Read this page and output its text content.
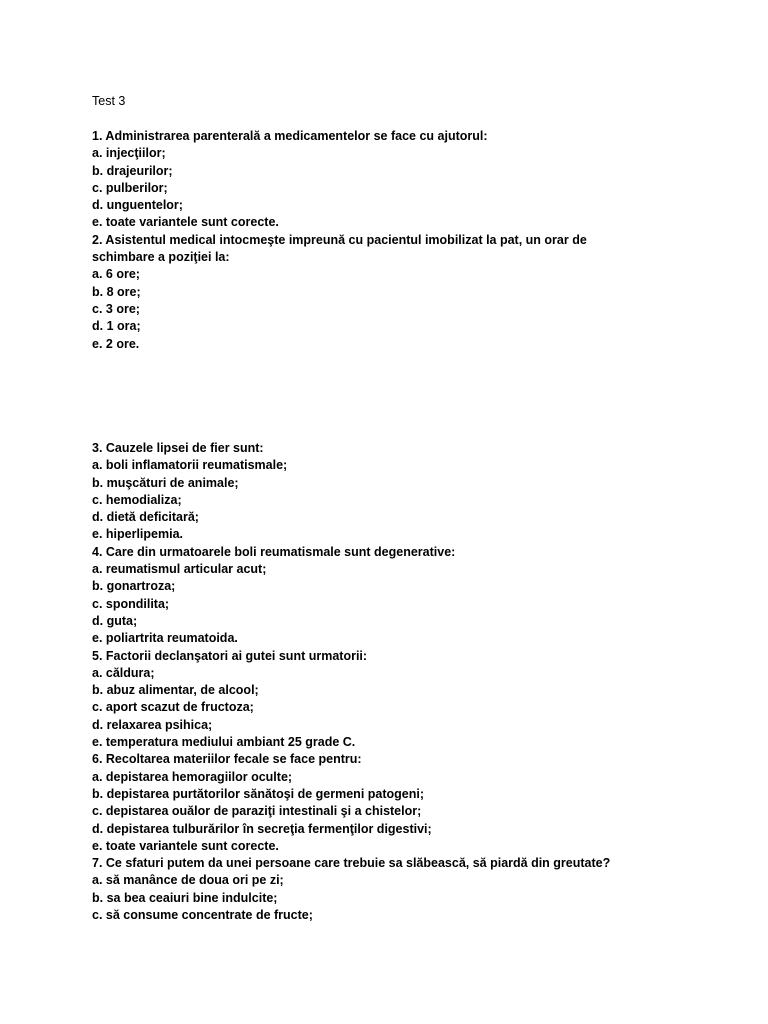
Test 3
1. Administrarea parenterală a medicamentelor se face cu ajutorul:
a. injecţiilor;
b. drajeurilor;
c. pulberilor;
d. unguentelor;
e. toate variantele sunt corecte.
2. Asistentul medical intocmeşte impreună cu pacientul imobilizat la pat, un orar de schimbare a poziţiei la:
a. 6 ore;
b. 8 ore;
c. 3 ore;
d. 1 ora;
e. 2 ore.
3. Cauzele lipsei de fier sunt:
a. boli inflamatorii reumatismale;
b. muşcături de animale;
c. hemodializa;
d. dietă deficitară;
e. hiperlipemia.
4. Care din urmatoarele boli reumatismale sunt degenerative:
a. reumatismul articular acut;
b. gonartroza;
c. spondilita;
d. guta;
e. poliartrita reumatoida.
5. Factorii declanşatori ai gutei sunt urmatorii:
a. căldura;
b. abuz alimentar, de alcool;
c. aport scazut de fructoza;
d. relaxarea psihica;
e. temperatura mediului ambiant 25 grade C.
6. Recoltarea materiilor fecale se face pentru:
a. depistarea hemoragiilor oculte;
b. depistarea purtătorilor sănătoşi de germeni patogeni;
c. depistarea ouălor de paraziţi intestinali şi a chistelor;
d. depistarea tulburărilor în secreţia fermenţilor digestivi;
e. toate variantele sunt corecte.
7. Ce sfaturi putem da unei persoane care trebuie sa slăbească, să piardă din greutate?
a. să manânce de doua ori pe zi;
b. sa bea ceaiuri bine indulcite;
c. să consume concentrate de fructe;
